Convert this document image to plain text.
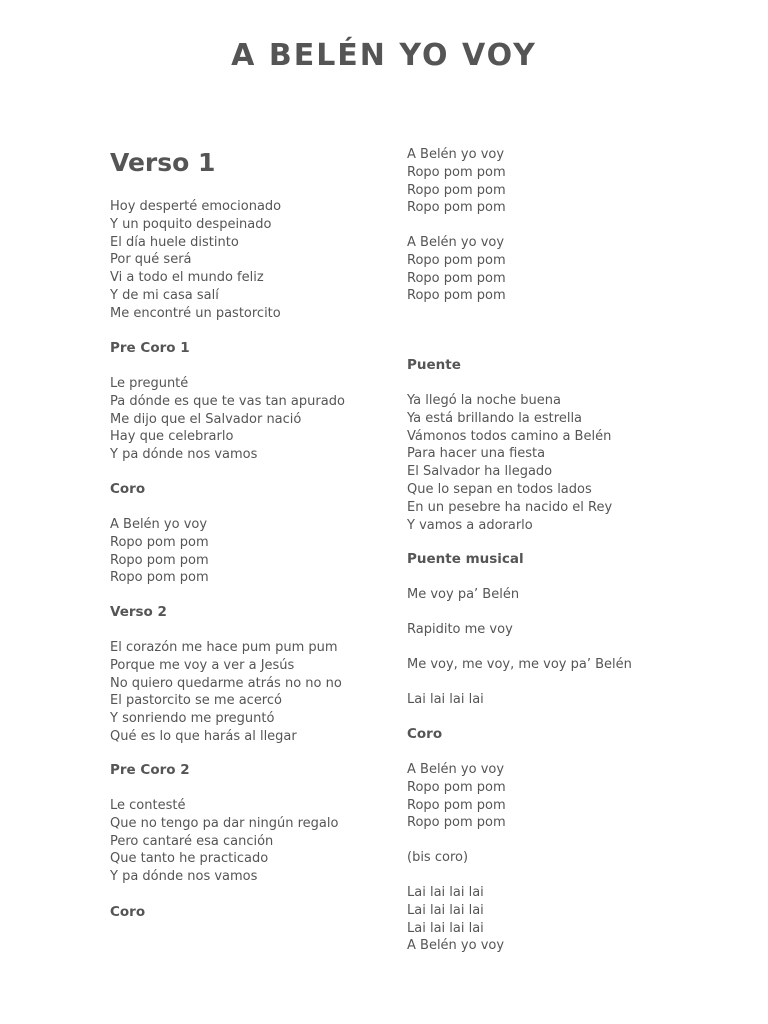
A BELÉN YO VOY
Verso 1
Hoy desperté emocionado
Y un poquito despeinado
El día huele distinto
Por qué será
Vi a todo el mundo feliz
Y de mi casa salí
Me encontré un pastorcito
Pre Coro 1
Le pregunté
Pa dónde es que te vas tan apurado
Me dijo que el Salvador nació
Hay que celebrarlo
Y pa dónde nos vamos
Coro
A Belén yo voy
Ropo pom pom
Ropo pom pom
Ropo pom pom
Verso 2
El corazón me hace pum pum pum
Porque me voy a ver a Jesús
No quiero quedarme atrás no no no
El pastorcito se me acercó
Y sonriendo me preguntó
Qué es lo que harás al llegar
Pre Coro 2
Le contesté
Que no tengo pa dar ningún regalo
Pero cantaré esa canción
Que tanto he practicado
Y pa dónde nos vamos
Coro
A Belén yo voy
Ropo pom pom
Ropo pom pom
Ropo pom pom
A Belén yo voy
Ropo pom pom
Ropo pom pom
Ropo pom pom
Puente
Ya llegó la noche buena
Ya está brillando la estrella
Vámonos todos camino a Belén
Para hacer una fiesta
El Salvador ha llegado
Que lo sepan en todos lados
En un pesebre ha nacido el Rey
Y vamos a adorarlo
Puente musical
Me voy pa’ Belén
Rapidito me voy
Me voy, me voy, me voy pa’ Belén
Lai lai lai lai
Coro
A Belén yo voy
Ropo pom pom
Ropo pom pom
Ropo pom pom
(bis coro)
Lai lai lai lai
Lai lai lai lai
Lai lai lai lai
A Belén yo voy
